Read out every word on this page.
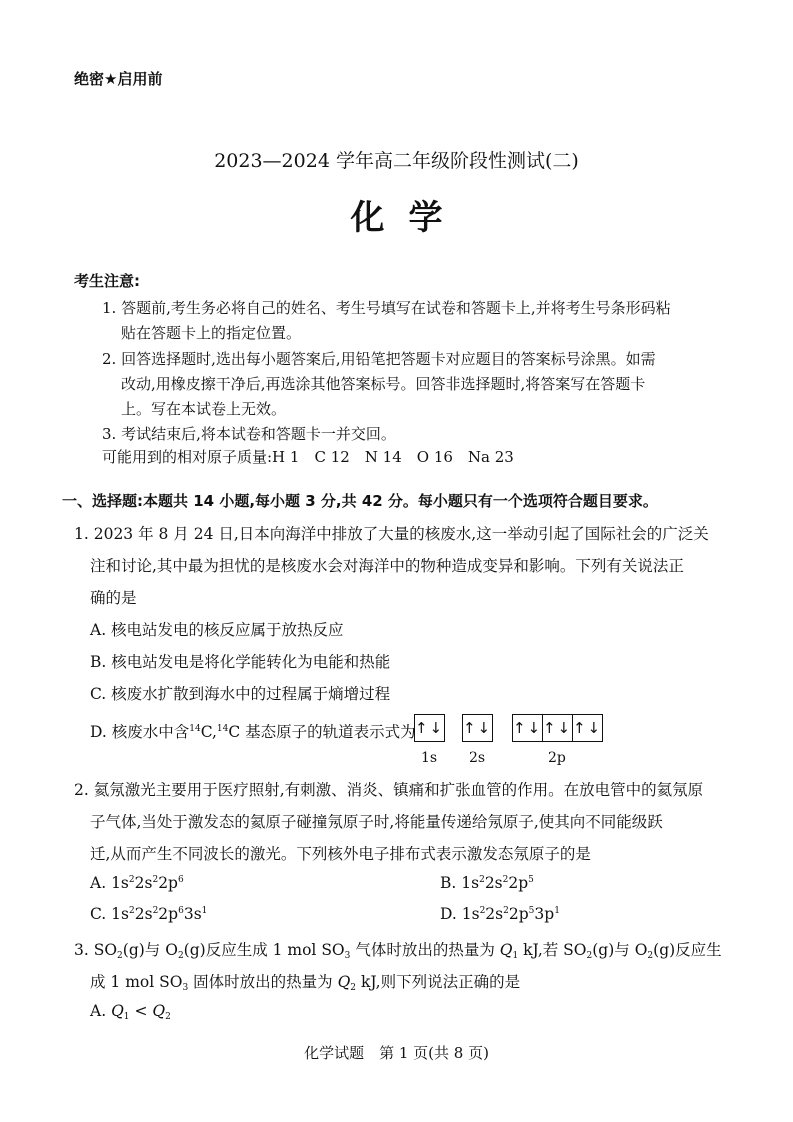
绝密★启用前
2023—2024 学年高二年级阶段性测试(二)
化学
考生注意:
1. 答题前,考生务必将自己的姓名、考生号填写在试卷和答题卡上,并将考生号条形码粘
贴在答题卡上的指定位置。
2. 回答选择题时,选出每小题答案后,用铅笔把答题卡对应题目的答案标号涂黑。如需
改动,用橡皮擦干净后,再选涂其他答案标号。回答非选择题时,将答案写在答题卡
上。写在本试卷上无效。
3. 考试结束后,将本试卷和答题卡一并交回。
可能用到的相对原子质量:H 1　C 12　N 14　O 16　Na 23
一、选择题:本题共 14 小题,每小题 3 分,共 42 分。每小题只有一个选项符合题目要求。
1. 2023 年 8 月 24 日,日本向海洋中排放了大量的核废水,这一举动引起了国际社会的广泛关
注和讨论,其中最为担忧的是核废水会对海洋中的物种造成变异和影响。下列有关说法正
确的是
A. 核电站发电的核反应属于放热反应
B. 核电站发电是将化学能转化为电能和热能
C. 核废水扩散到海水中的过程属于熵增过程
D. 核废水中含$^{14}$C,$^{14}$C 基态原子的轨道表示式为 ↑↓ ↑↓ ↑↓ ↑↓ ↑↓
1s 2s	2p
2. 氦氖激光主要用于医疗照射,有刺激、消炎、镇痛和扩张血管的作用。在放电管中的氦氖原
子气体,当处于激发态的氦原子碰撞氖原子时,将能量传递给氖原子,使其向不同能级跃
迁,从而产生不同波长的激光。下列核外电子排布式表示激发态氖原子的是
A. $1s^22s^22p^6$	B. $1s^22s^22p^5$
C. $1s^22s^22p^63s^1$	D. $1s^22s^22p^53p^1$
3. $SO_2(g)$与 $O_2(g)$反应生成 1 mol $SO_3$ 气体时放出的热量为 $Q_1$ kJ,若 $SO_2(g)$与 $O_2(g)$反应生
成 1 mol $SO_3$ 固体时放出的热量为 $Q_2$ kJ,则下列说法正确的是
A. $Q_1 < Q_2$
化学试题　第 1 页(共 8 页)
